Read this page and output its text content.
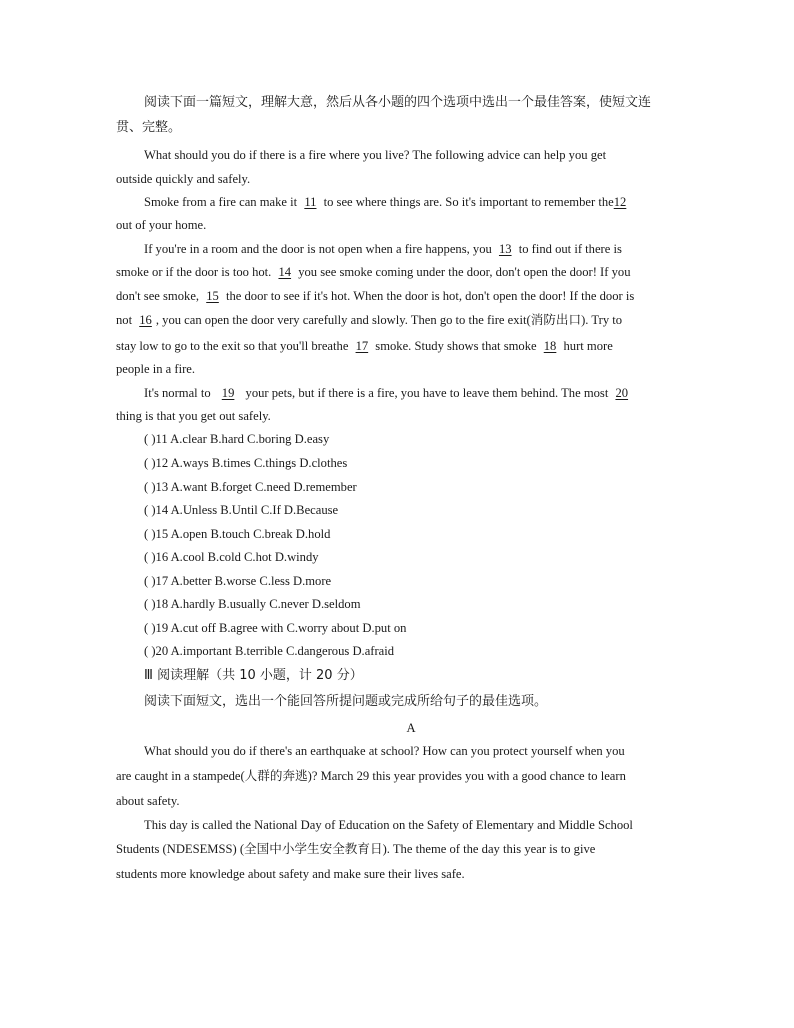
阅读下面一篇短文，理解大意，然后从各小题的四个选项中选出一个最佳答案，使短文连
贯、完整。
What should you do if there is a fire where you live? The following advice can help you get
outside quickly and safely.
Smoke from a fire can make it 11 to see where things are. So it's important to remember the12
out of your home.
If you're in a room and the door is not open when a fire happens, you 13 to find out if there is
smoke or if the door is too hot. 14 you see smoke coming under the door, don't open the door! If you
don't see smoke, 15 the door to see if it's hot. When the door is hot, don't open the door! If the door is
not 16 , you can open the door very carefully and slowly. Then go to the fire exit(消防出口). Try to
stay low to go to the exit so that you'll breathe 17 smoke. Study shows that smoke 18 hurt more
people in a fire.
It's normal to 19 your pets, but if there is a fire, you have to leave them behind. The most 20
thing is that you get out safely.
( )11 A.clear B.hard C.boring D.easy
( )12 A.ways B.times C.things D.clothes
( )13 A.want B.forget C.need D.remember
( )14 A.Unless B.Until C.If D.Because
( )15 A.open B.touch C.break D.hold
( )16 A.cool B.cold C.hot D.windy
( )17 A.better B.worse C.less D.more
( )18 A.hardly B.usually C.never D.seldom
( )19 A.cut off B.agree with C.worry about D.put on
( )20 A.important B.terrible C.dangerous D.afraid
Ⅲ 阅读理解（共 10 小题，计 20 分）
阅读下面短文，选出一个能回答所提问题或完成所给句子的最佳选项。
A
What should you do if there's an earthquake at school? How can you protect yourself when you
are caught in a stampede(人群的奔逃)? March 29 this year provides you with a good chance to learn
about safety.
This day is called the National Day of Education on the Safety of Elementary and Middle School
Students (NDESEMSS) (全国中小学生安全教育日). The theme of the day this year is to give
students more knowledge about safety and make sure their lives safe.
